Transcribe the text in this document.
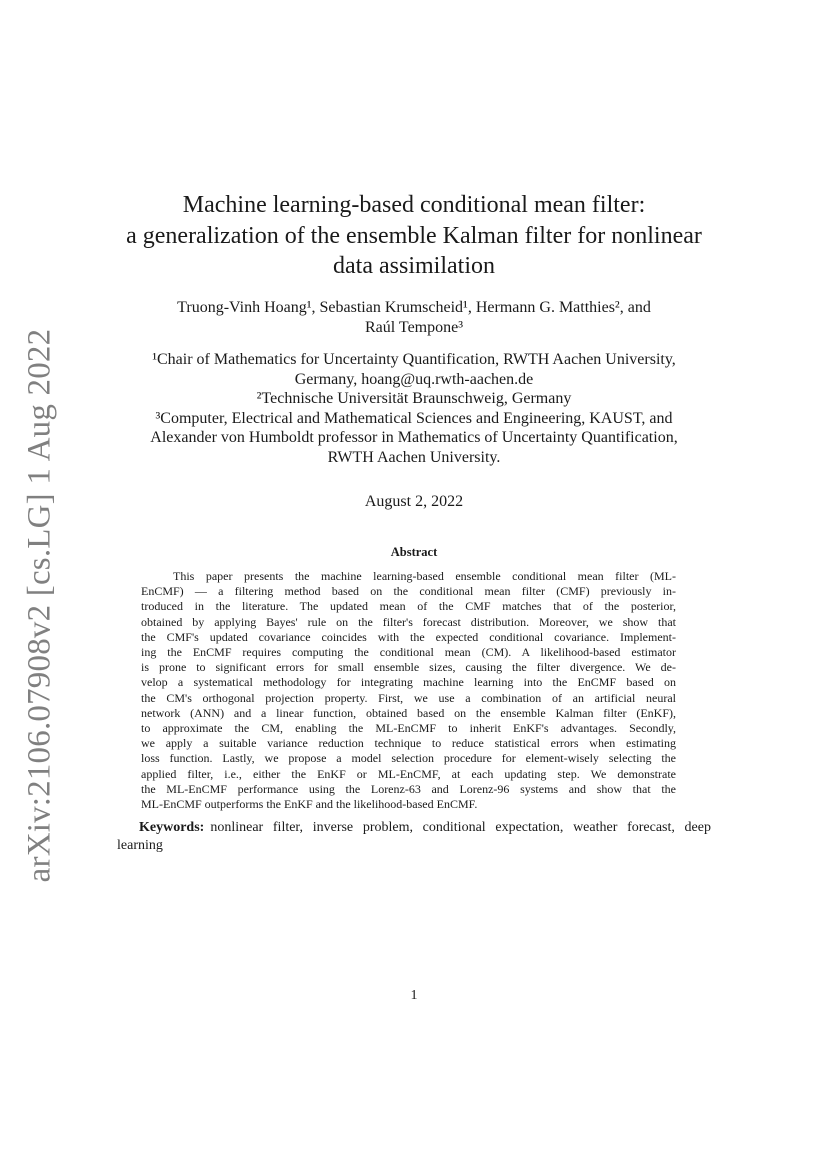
arXiv:2106.07908v2 [cs.LG] 1 Aug 2022
Machine learning-based conditional mean filter:
a generalization of the ensemble Kalman filter for nonlinear
data assimilation
Truong-Vinh Hoang¹, Sebastian Krumscheid¹, Hermann G. Matthies², and
Raúl Tempone³
¹Chair of Mathematics for Uncertainty Quantification, RWTH Aachen University,
Germany, hoang@uq.rwth-aachen.de
²Technische Universität Braunschweig, Germany
³Computer, Electrical and Mathematical Sciences and Engineering, KAUST, and
Alexander von Humboldt professor in Mathematics of Uncertainty Quantification,
RWTH Aachen University.
August 2, 2022
Abstract
This paper presents the machine learning-based ensemble conditional mean filter (ML-
EnCMF) — a filtering method based on the conditional mean filter (CMF) previously in-
troduced in the literature. The updated mean of the CMF matches that of the posterior,
obtained by applying Bayes' rule on the filter's forecast distribution. Moreover, we show that
the CMF's updated covariance coincides with the expected conditional covariance. Implement-
ing the EnCMF requires computing the conditional mean (CM). A likelihood-based estimator
is prone to significant errors for small ensemble sizes, causing the filter divergence. We de-
velop a systematical methodology for integrating machine learning into the EnCMF based on
the CM's orthogonal projection property. First, we use a combination of an artificial neural
network (ANN) and a linear function, obtained based on the ensemble Kalman filter (EnKF),
to approximate the CM, enabling the ML-EnCMF to inherit EnKF's advantages. Secondly,
we apply a suitable variance reduction technique to reduce statistical errors when estimating
loss function. Lastly, we propose a model selection procedure for element-wisely selecting the
applied filter, i.e., either the EnKF or ML-EnCMF, at each updating step. We demonstrate
the ML-EnCMF performance using the Lorenz-63 and Lorenz-96 systems and show that the
ML-EnCMF outperforms the EnKF and the likelihood-based EnCMF.
Keywords: nonlinear filter, inverse problem, conditional expectation, weather forecast, deep
learning
1
